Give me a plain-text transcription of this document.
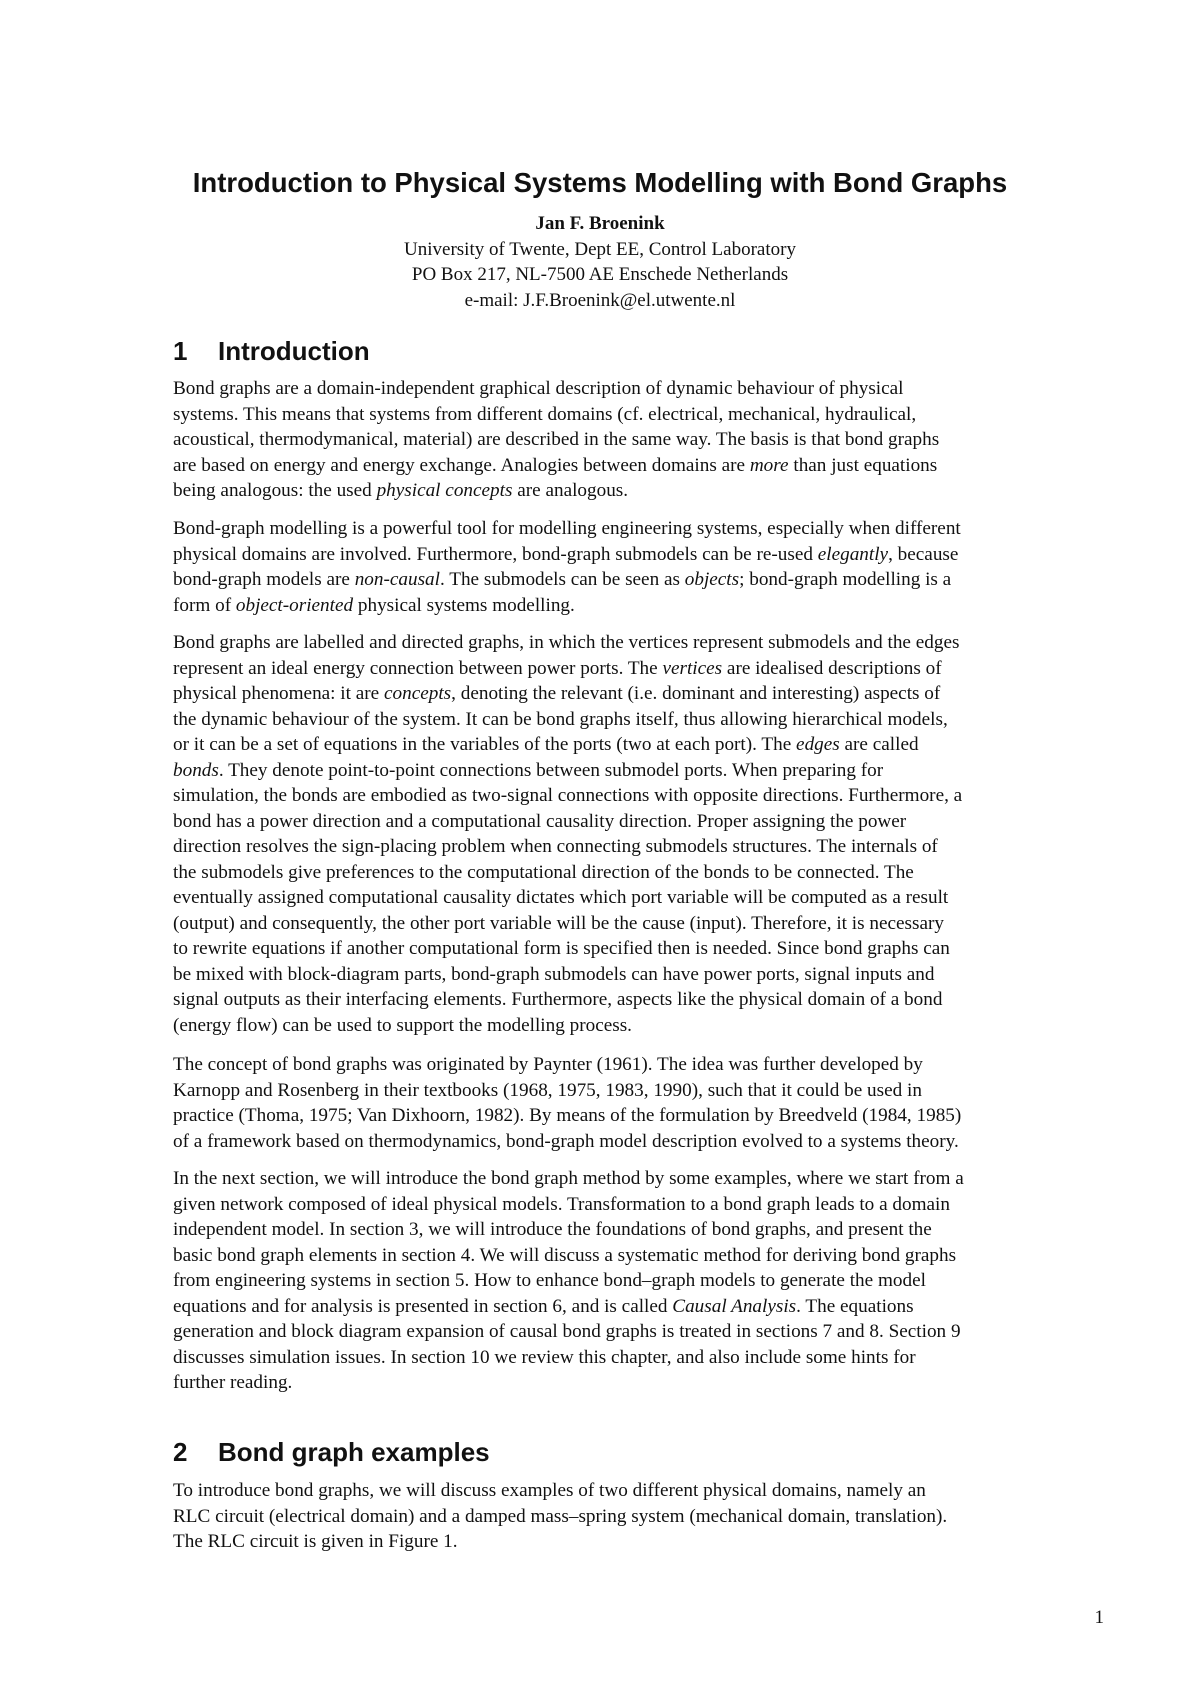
Introduction to Physical Systems Modelling with Bond Graphs
Jan F. Broenink
University of Twente, Dept EE, Control Laboratory
PO Box 217, NL-7500 AE Enschede Netherlands
e-mail: J.F.Broenink@el.utwente.nl
1 Introduction

Bond graphs are a domain-independent graphical description of dynamic behaviour of physical
systems. This means that systems from different domains (cf. electrical, mechanical, hydraulical,
acoustical, thermodymanical, material) are described in the same way. The basis is that bond graphs
are based on energy and energy exchange. Analogies between domains are more than just equations
being analogous: the used physical concepts are analogous.

Bond-graph modelling is a powerful tool for modelling engineering systems, especially when different
physical domains are involved. Furthermore, bond-graph submodels can be re-used elegantly, because
bond-graph models are non-causal. The submodels can be seen as objects; bond-graph modelling is a
form of object-oriented physical systems modelling.

Bond graphs are labelled and directed graphs, in which the vertices represent submodels and the edges
represent an ideal energy connection between power ports. The vertices are idealised descriptions of
physical phenomena: it are concepts, denoting the relevant (i.e. dominant and interesting) aspects of
the dynamic behaviour of the system. It can be bond graphs itself, thus allowing hierarchical models,
or it can be a set of equations in the variables of the ports (two at each port). The edges are called
bonds. They denote point-to-point connections between submodel ports. When preparing for
simulation, the bonds are embodied as two-signal connections with opposite directions. Furthermore, a
bond has a power direction and a computational causality direction. Proper assigning the power
direction resolves the sign-placing problem when connecting submodels structures. The internals of
the submodels give preferences to the computational direction of the bonds to be connected. The
eventually assigned computational causality dictates which port variable will be computed as a result
(output) and consequently, the other port variable will be the cause (input). Therefore, it is necessary
to rewrite equations if another computational form is specified then is needed. Since bond graphs can
be mixed with block-diagram parts, bond-graph submodels can have power ports, signal inputs and
signal outputs as their interfacing elements. Furthermore, aspects like the physical domain of a bond
(energy flow) can be used to support the modelling process.

The concept of bond graphs was originated by Paynter (1961). The idea was further developed by
Karnopp and Rosenberg in their textbooks (1968, 1975, 1983, 1990), such that it could be used in
practice (Thoma, 1975; Van Dixhoorn, 1982). By means of the formulation by Breedveld (1984, 1985)
of a framework based on thermodynamics, bond-graph model description evolved to a systems theory.

In the next section, we will introduce the bond graph method by some examples, where we start from a
given network composed of ideal physical models. Transformation to a bond graph leads to a domain
independent model. In section 3, we will introduce the foundations of bond graphs, and present the
basic bond graph elements in section 4. We will discuss a systematic method for deriving bond graphs
from engineering systems in section 5. How to enhance bond–graph models to generate the model
equations and for analysis is presented in section 6, and is called Causal Analysis. The equations
generation and block diagram expansion of causal bond graphs is treated in sections 7 and 8. Section 9
discusses simulation issues. In section 10 we review this chapter, and also include some hints for
further reading.

2 Bond graph examples

To introduce bond graphs, we will discuss examples of two different physical domains, namely an
RLC circuit (electrical domain) and a damped mass–spring system (mechanical domain, translation).
The RLC circuit is given in Figure 1.

1
